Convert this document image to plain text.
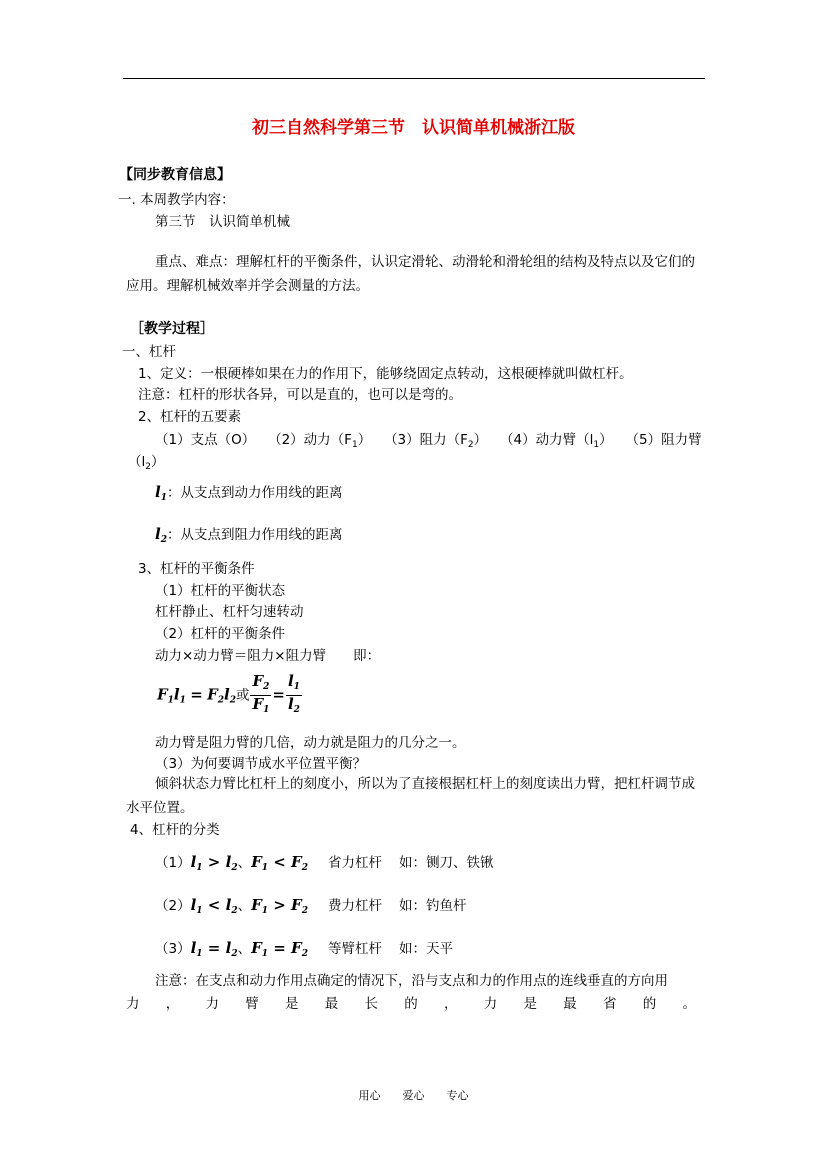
初三自然科学第三节　认识简单机械浙江版
【同步教育信息】
一. 本周教学内容：
第三节　认识简单机械
重点、难点：理解杠杆的平衡条件，认识定滑轮、动滑轮和滑轮组的结构及特点以及它们的应用。理解机械效率并学会测量的方法。
［教学过程］
一、杠杆
1、定义：一根硬棒如果在力的作用下，能够绕固定点转动，这根硬棒就叫做杠杆。
注意：杠杆的形状各异，可以是直的，也可以是弯的。
2、杠杆的五要素
（1）支点（O） （2）动力$(F_1)$ （3）阻力$(F_2)$ （4）动力臂$(l_1)$ （5）阻力臂
$(l_2)$
$l_1$：从支点到动力作用线的距离
$l_2$：从支点到阻力作用线的距离
3、杠杆的平衡条件
（1）杠杆的平衡状态
杠杆静止、杠杆匀速转动
（2）杠杆的平衡条件
动力×动力臂＝阻力×阻力臂　　即：
$F_1l_1 = F_2l_2$或 $\frac{F_2}{F_1} = \frac{l_1}{l_2}$
动力臂是阻力臂的几倍，动力就是阻力的几分之一。
（3）为何要调节成水平位置平衡？
倾斜状态力臂比杠杆上的刻度小，所以为了直接根据杠杆上的刻度读出力臂，把杠杆调节成水平位置。
4、杠杆的分类
$(1)l_1 > l_2$、$F_1 < F_2$ 省力杠杆 如：铡刀、铁锹
$(2)l_1 < l_2$、$F_1 > F_2$ 费力杠杆 如：钓鱼杆
$(3)l_1 = l_2$、$F_1 = F_2$ 等臂杠杆 如：天平
注意：在支点和动力作用点确定的情况下，沿与支点和力的作用点的连线垂直的方向用
力，力臂是最长的，力是最省的。
用心　　爱心　　专心
